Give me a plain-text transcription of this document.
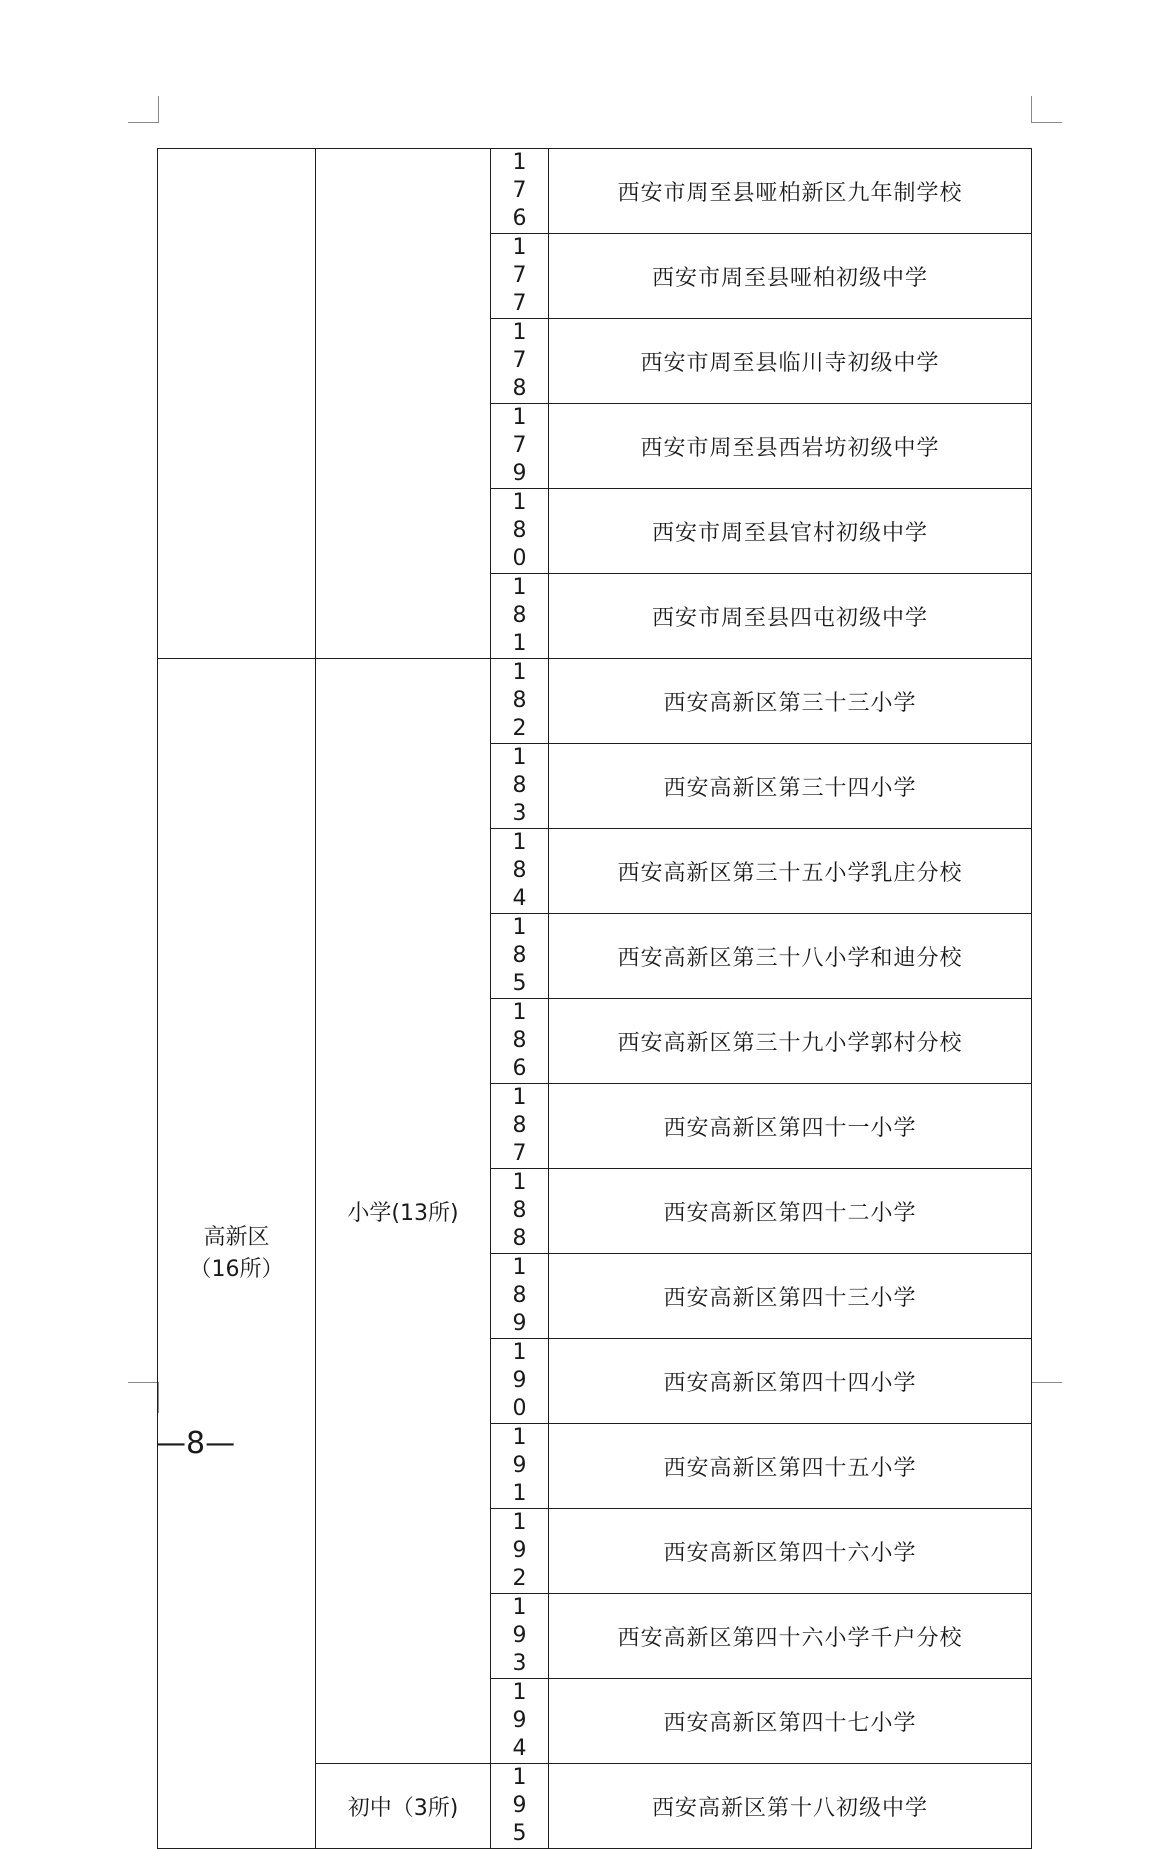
		176	西安市周至县哑柏新区九年制学校
		177	西安市周至县哑柏初级中学
		178	西安市周至县临川寺初级中学
		179	西安市周至县西岩坊初级中学
		180	西安市周至县官村初级中学
		181	西安市周至县四屯初级中学

高新区
（16所）	小学(13所)	182	西安高新区第三十三小学
		183	西安高新区第三十四小学
		184	西安高新区第三十五小学乳庄分校
		185	西安高新区第三十八小学和迪分校
		186	西安高新区第三十九小学郭村分校
		187	西安高新区第四十一小学
		188	西安高新区第四十二小学
		189	西安高新区第四十三小学
		190	西安高新区第四十四小学
		191	西安高新区第四十五小学
		192	西安高新区第四十六小学
		193	西安高新区第四十六小学千户分校
		194	西安高新区第四十七小学

	初中（3所)	195	西安高新区第十八初级中学
—8—
